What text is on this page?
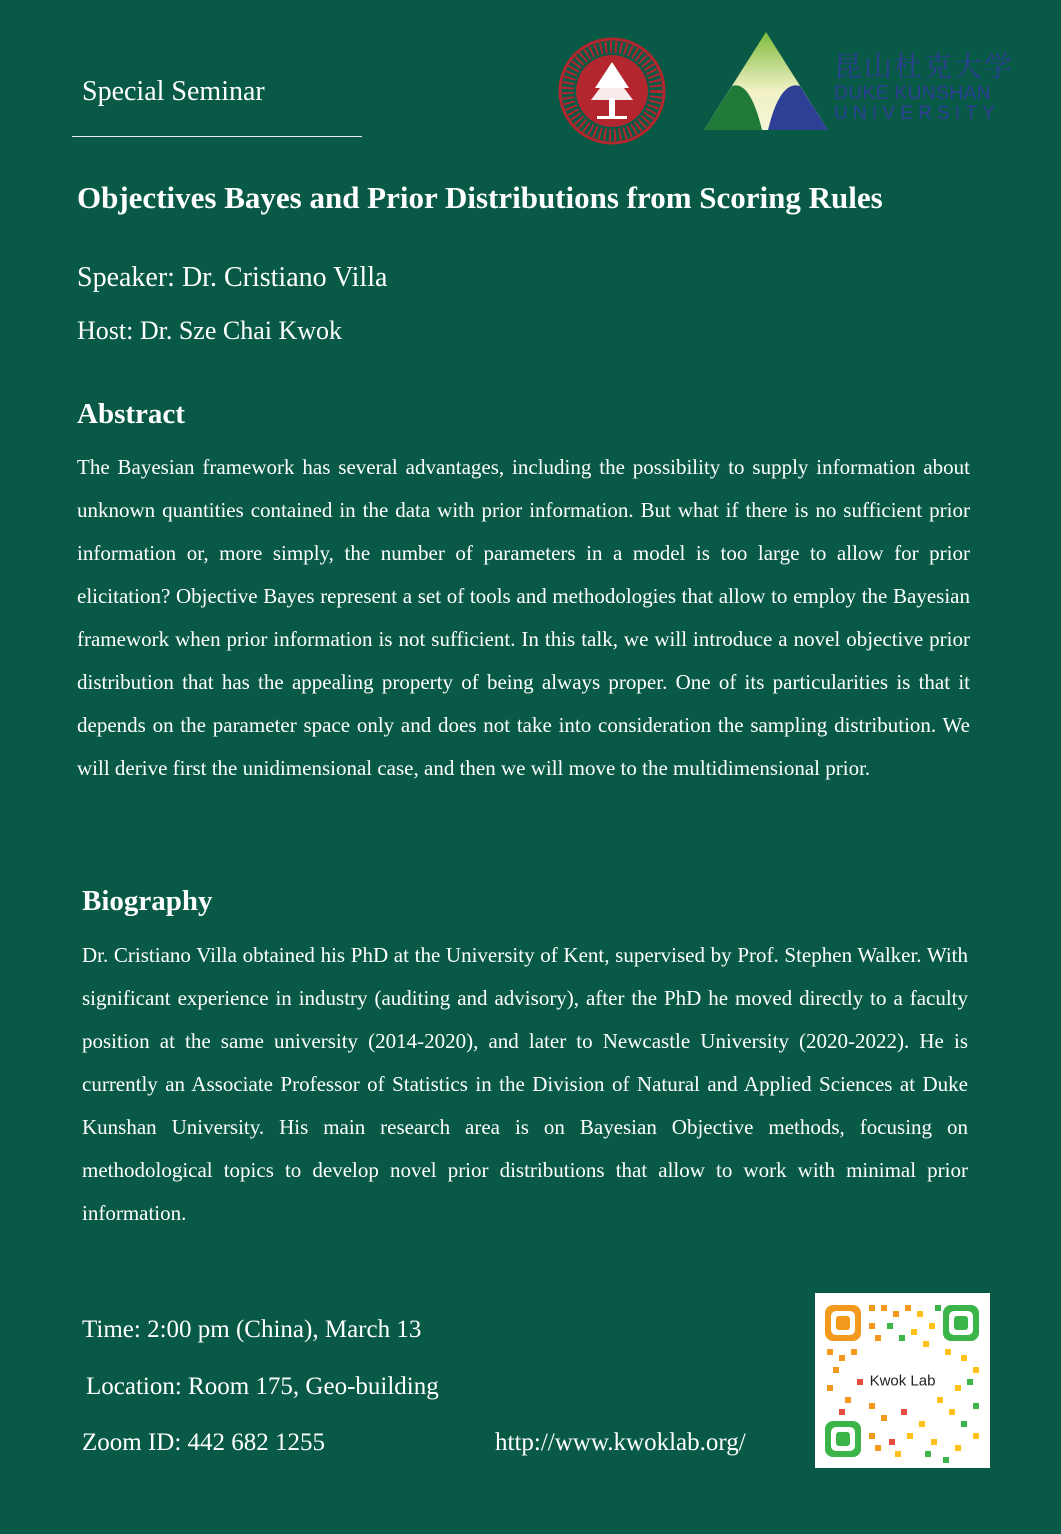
Special Seminar
昆山杜克大学
DUKE KUNSHAN
UNIVERSITY
Objectives Bayes and Prior Distributions from Scoring Rules
Speaker: Dr. Cristiano Villa
Host: Dr. Sze Chai Kwok
Abstract
The Bayesian framework has several advantages, including the possibility to supply information about unknown quantities contained in the data with prior information. But what if there is no sufficient prior information or, more simply, the number of parameters in a model is too large to allow for prior elicitation? Objective Bayes represent a set of tools and methodologies that allow to employ the Bayesian framework when prior information is not sufficient. In this talk, we will introduce a novel objective prior distribution that has the appealing property of being always proper. One of its particularities is that it depends on the parameter space only and does not take into consideration the sampling distribution. We will derive first the unidimensional case, and then we will move to the multidimensional prior.
Biography
Dr. Cristiano Villa obtained his PhD at the University of Kent, supervised by Prof. Stephen Walker. With significant experience in industry (auditing and advisory), after the PhD he moved directly to a faculty position at the same university (2014-2020), and later to Newcastle University (2020-2022). He is currently an Associate Professor of Statistics in the Division of Natural and Applied Sciences at Duke Kunshan University. His main research area is on Bayesian Objective methods, focusing on methodological topics to develop novel prior distributions that allow to work with minimal prior information.
Time: 2:00 pm (China), March 13
Location: Room 175, Geo-building
Zoom ID: 442 682 1255	http://www.kwoklab.org/
Kwok Lab
